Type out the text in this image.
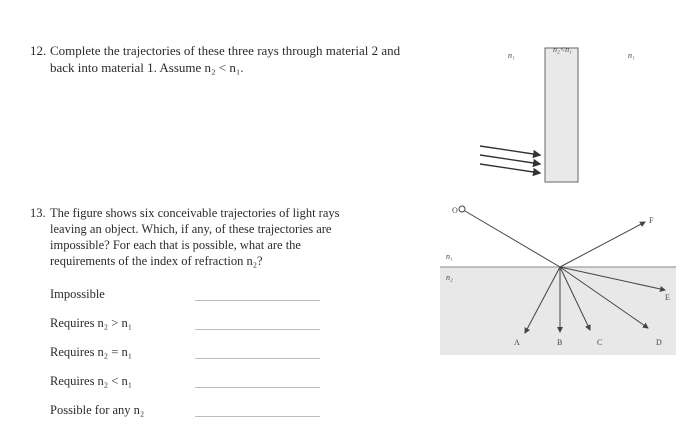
12. Complete the trajectories of these three rays through material 2 and
back into material 1. Assume n₂ < n₁.
13. The figure shows six conceivable trajectories of light rays
leaving an object. Which, if any, of these trajectories are
impossible? For each that is possible, what are the
requirements of the index of refraction n₂?
Impossible
Requires n₂ > n₁
Requires n₂ = n₁
Requires n₂ < n₁
Possible for any n₂
n₁
n₂<n₁
n₁
O
A	B	C	D
E
F
n₁
n₂
